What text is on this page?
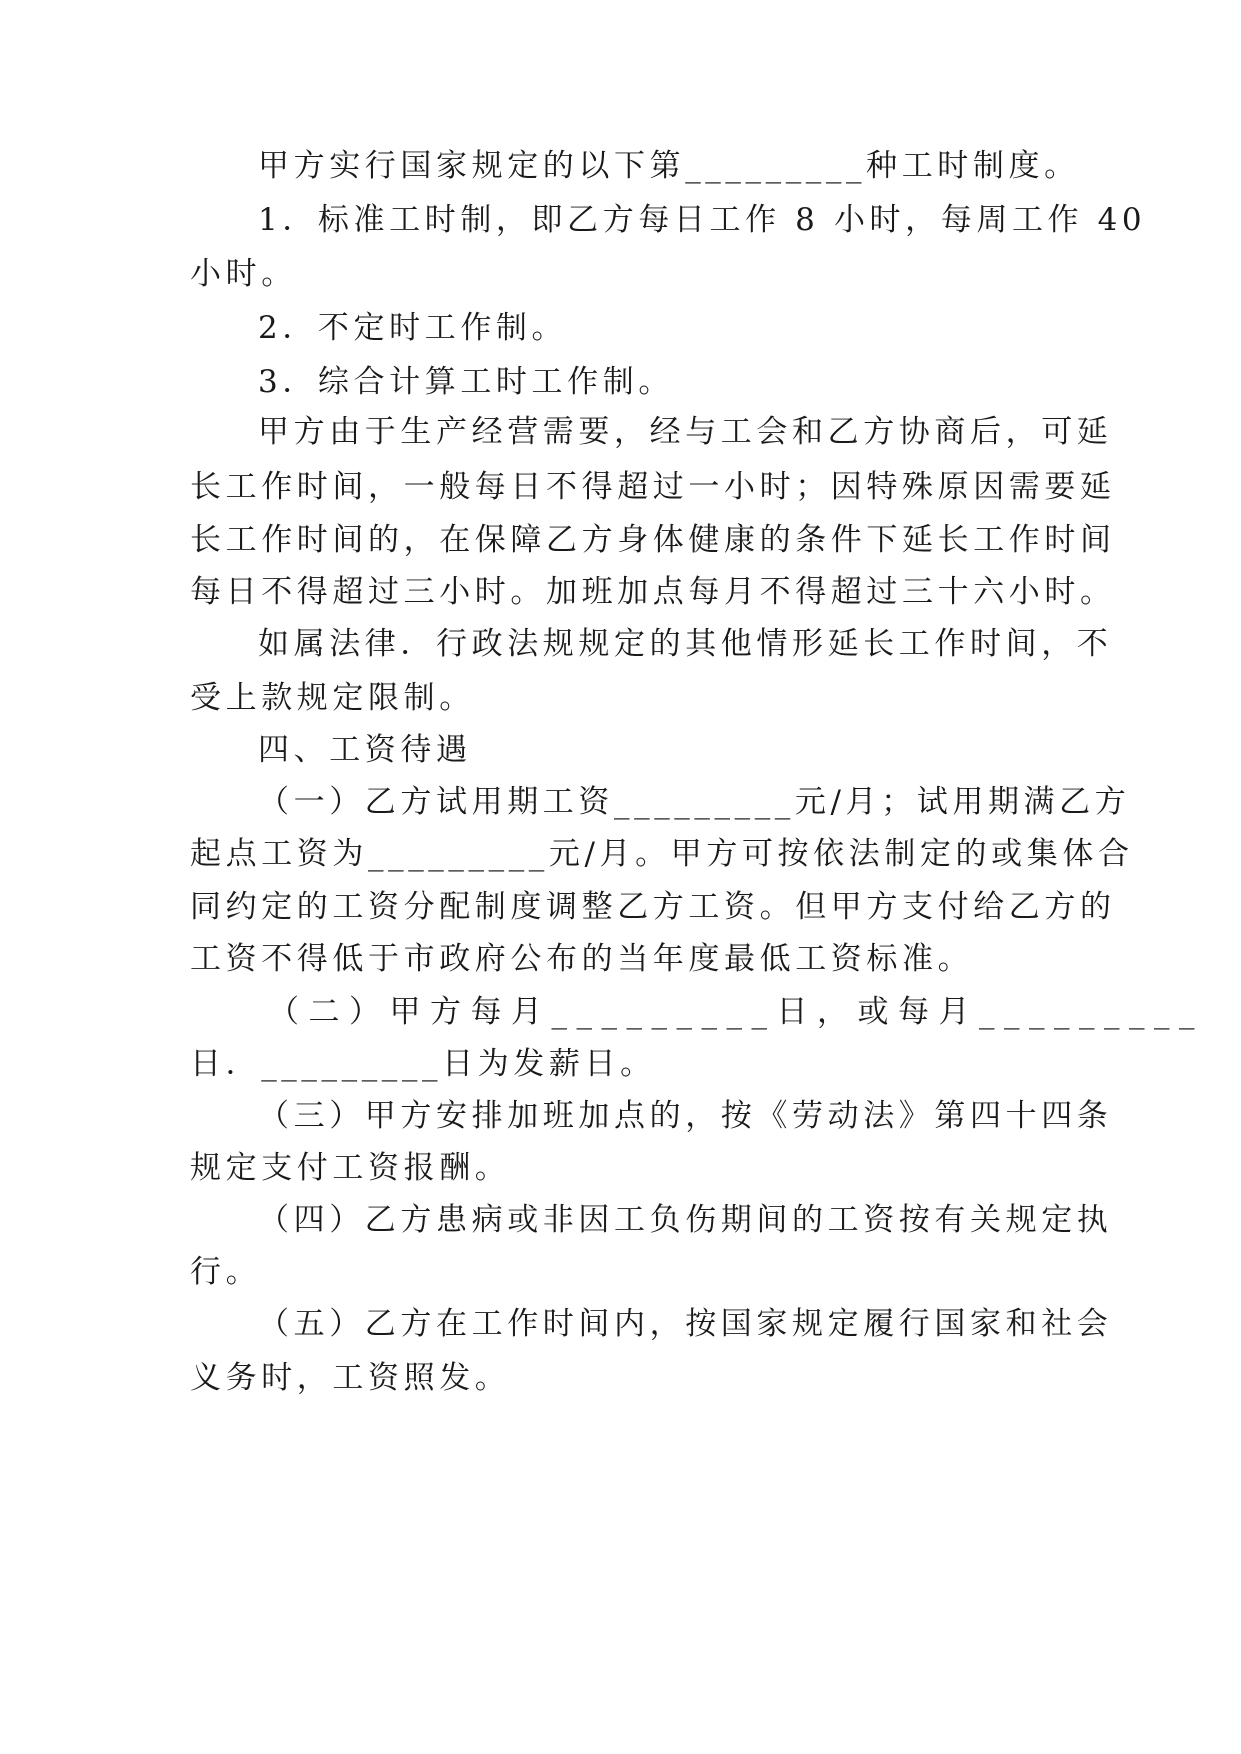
甲方实行国家规定的以下第_________种工时制度。
1．标准工时制，即乙方每日工作 8 小时，每周工作 40
小时。
2．不定时工作制。
3．综合计算工时工作制。
甲方由于生产经营需要，经与工会和乙方协商后，可延
长工作时间，一般每日不得超过一小时；因特殊原因需要延
长工作时间的，在保障乙方身体健康的条件下延长工作时间
每日不得超过三小时。加班加点每月不得超过三十六小时。
如属法律．行政法规规定的其他情形延长工作时间，不
受上款规定限制。
四、工资待遇
（一）乙方试用期工资_________元/月；试用期满乙方
起点工资为_________元/月。甲方可按依法制定的或集体合
同约定的工资分配制度调整乙方工资。但甲方支付给乙方的
工资不得低于市政府公布的当年度最低工资标准。
（二）甲方每月_________日，或每月_________
日．_________日为发薪日。
（三）甲方安排加班加点的，按《劳动法》第四十四条
规定支付工资报酬。
（四）乙方患病或非因工负伤期间的工资按有关规定执
行。
（五）乙方在工作时间内，按国家规定履行国家和社会
义务时，工资照发。
